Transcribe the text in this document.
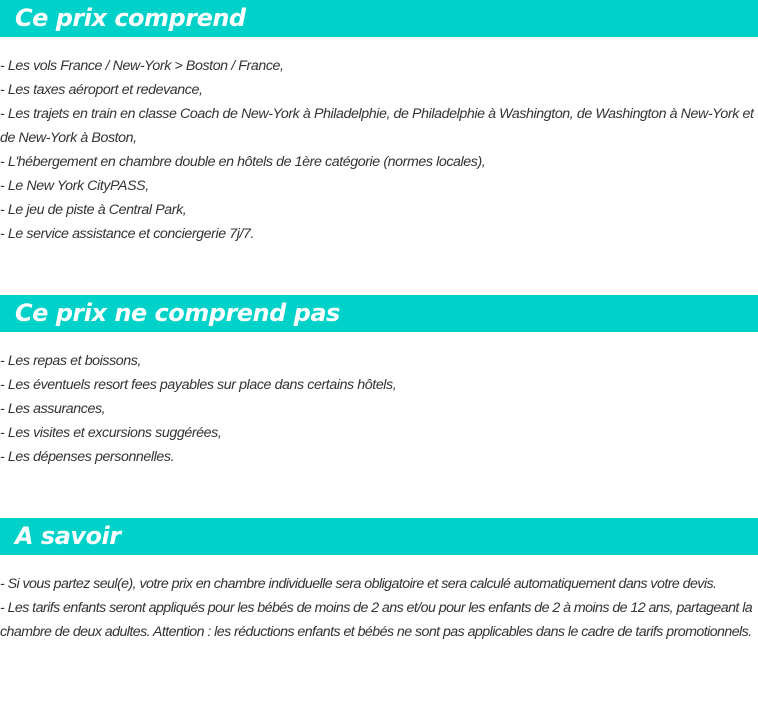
Ce prix comprend
- Les vols France / New-York > Boston / France,
- Les taxes aéroport et redevance,
- Les trajets en train en classe Coach de New-York à Philadelphie, de Philadelphie à Washington, de Washington à New-York et de New-York à Boston,
- L'hébergement en chambre double en hôtels de 1ère catégorie (normes locales),
- Le New York CityPASS,
- Le jeu de piste à Central Park,
- Le service assistance et conciergerie 7j/7.
Ce prix ne comprend pas
- Les repas et boissons,
- Les éventuels resort fees payables sur place dans certains hôtels,
- Les assurances,
- Les visites et excursions suggérées,
- Les dépenses personnelles.
A savoir
- Si vous partez seul(e), votre prix en chambre individuelle sera obligatoire et sera calculé automatiquement dans votre devis.
- Les tarifs enfants seront appliqués pour les bébés de moins de 2 ans et/ou pour les enfants de 2 à moins de 12 ans, partageant la chambre de deux adultes. Attention : les réductions enfants et bébés ne sont pas applicables dans le cadre de tarifs promotionnels.
